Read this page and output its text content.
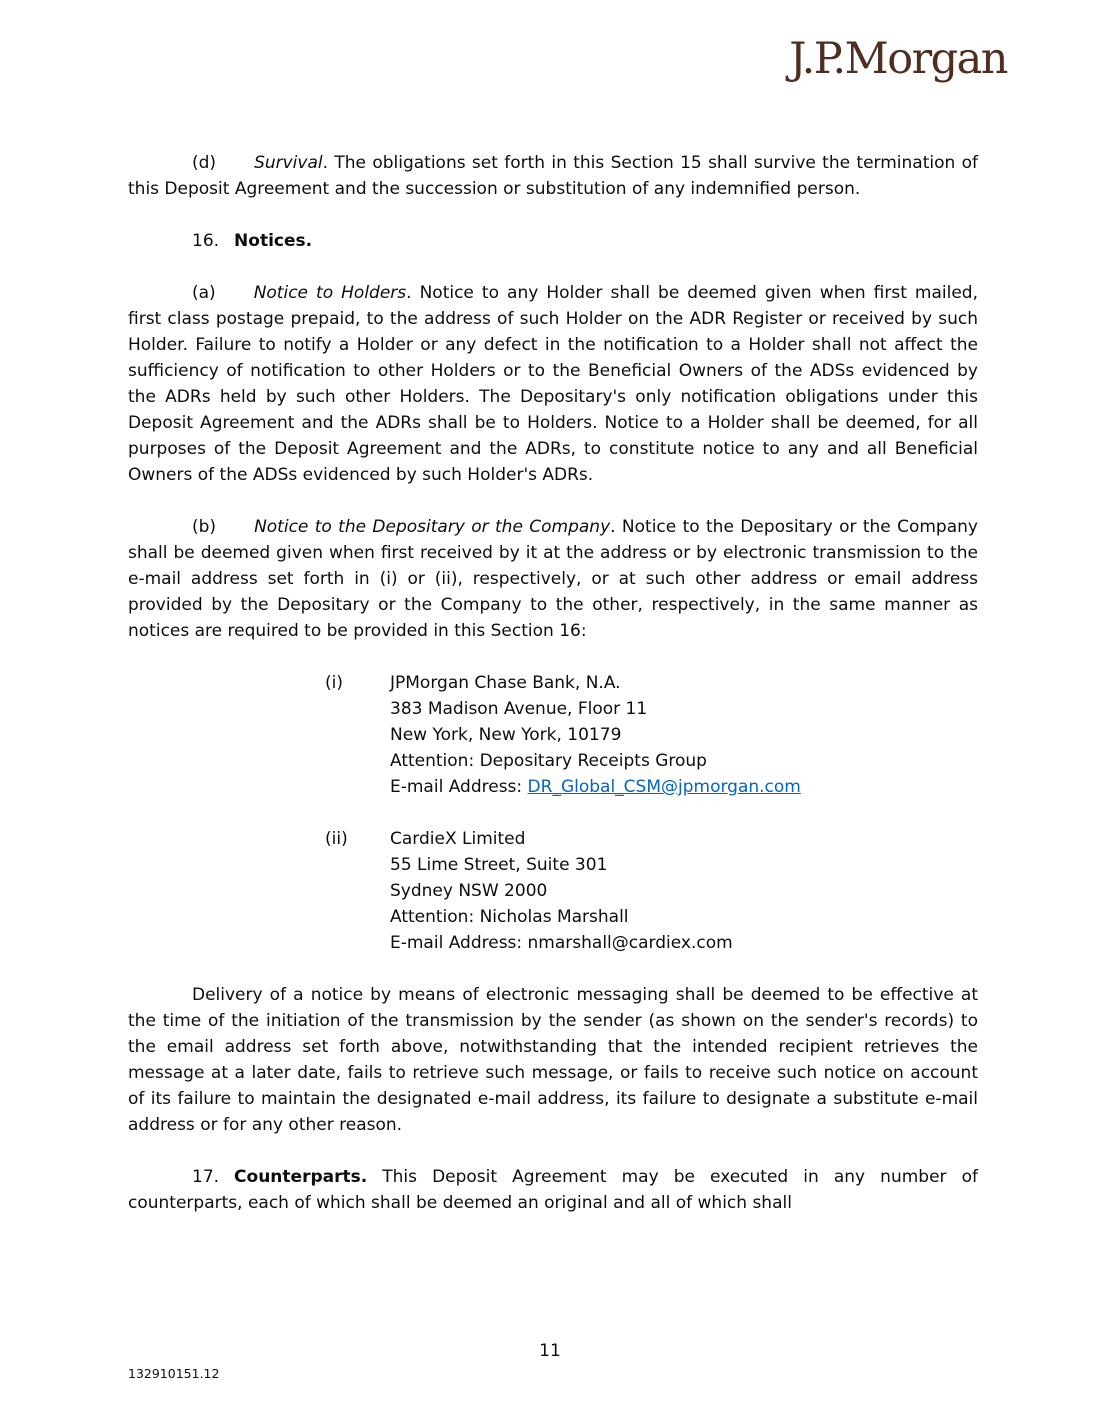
J.P.Morgan

(d) Survival. The obligations set forth in this Section 15 shall survive the termination of this Deposit Agreement and the succession or substitution of any indemnified person.

16. Notices.

(a) Notice to Holders. Notice to any Holder shall be deemed given when first mailed, first class postage prepaid, to the address of such Holder on the ADR Register or received by such Holder. Failure to notify a Holder or any defect in the notification to a Holder shall not affect the sufficiency of notification to other Holders or to the Beneficial Owners of the ADSs evidenced by the ADRs held by such other Holders. The Depositary's only notification obligations under this Deposit Agreement and the ADRs shall be to Holders. Notice to a Holder shall be deemed, for all purposes of the Deposit Agreement and the ADRs, to constitute notice to any and all Beneficial Owners of the ADSs evidenced by such Holder's ADRs.

(b) Notice to the Depositary or the Company. Notice to the Depositary or the Company shall be deemed given when first received by it at the address or by electronic transmission to the e-mail address set forth in (i) or (ii), respectively, or at such other address or email address provided by the Depositary or the Company to the other, respectively, in the same manner as notices are required to be provided in this Section 16:

(i)	JPMorgan Chase Bank, N.A.
383 Madison Avenue, Floor 11
New York, New York, 10179
Attention: Depositary Receipts Group
E-mail Address: DR_Global_CSM@jpmorgan.com
(ii)	CardieX Limited
55 Lime Street, Suite 301
Sydney NSW 2000
Attention: Nicholas Marshall
E-mail Address: nmarshall@cardiex.com

Delivery of a notice by means of electronic messaging shall be deemed to be effective at the time of the initiation of the transmission by the sender (as shown on the sender's records) to the email address set forth above, notwithstanding that the intended recipient retrieves the message at a later date, fails to retrieve such message, or fails to receive such notice on account of its failure to maintain the designated e-mail address, its failure to designate a substitute e-mail address or for any other reason.

17. Counterparts. This Deposit Agreement may be executed in any number of counterparts, each of which shall be deemed an original and all of which shall

11
132910151.12
